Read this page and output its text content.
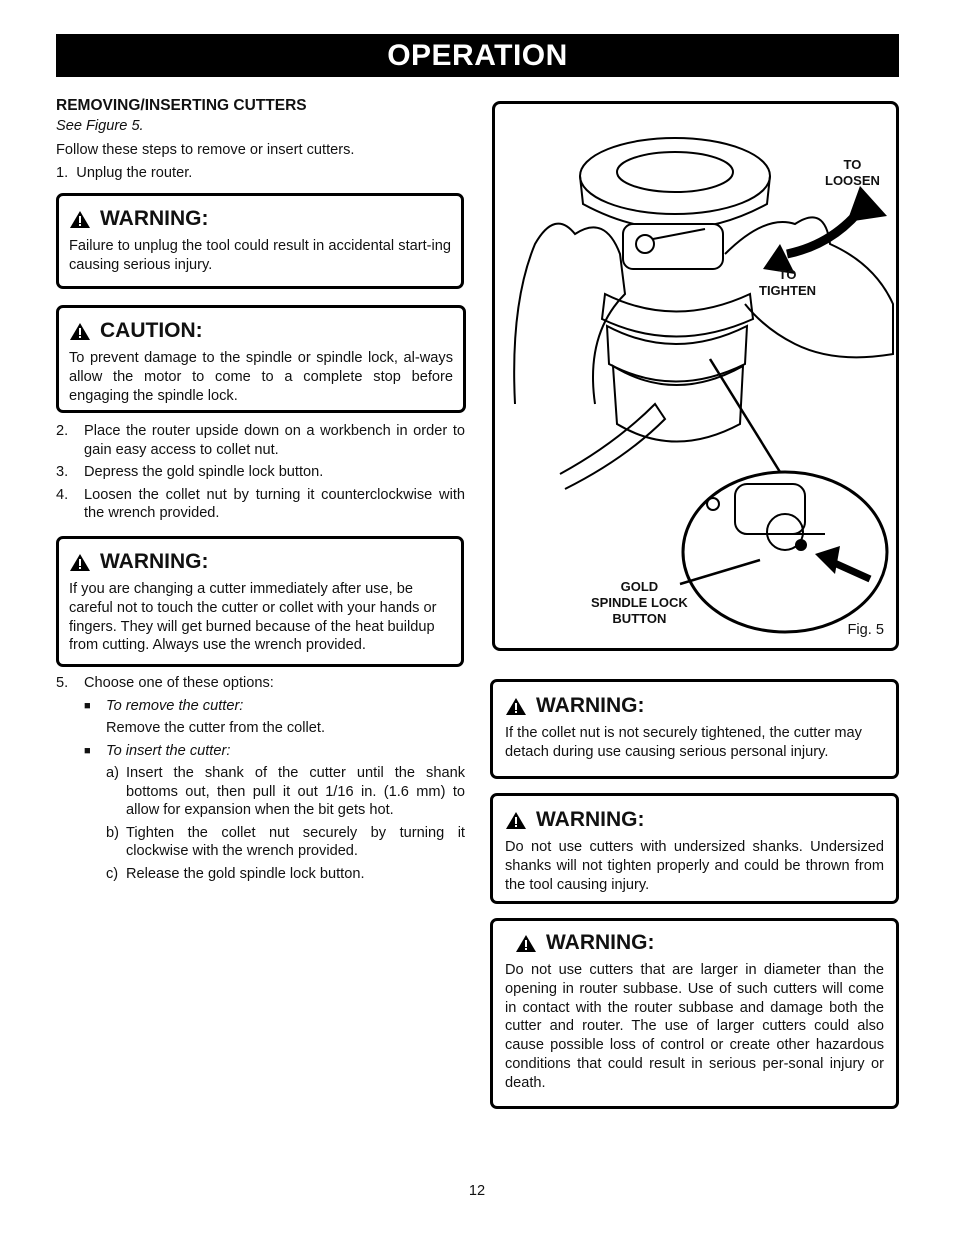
OPERATION

REMOVING/INSERTING CUTTERS

See Figure 5.

Follow these steps to remove or insert cutters.

1. Unplug the router.
WARNING:
Failure to unplug the tool could result in accidental start-ing causing serious injury.
CAUTION:
To prevent damage to the spindle or spindle lock, al-ways allow the motor to come to a complete stop before engaging the spindle lock.
2.	Place the router upside down on a workbench in order to gain easy access to collet nut.
3.	Depress the gold spindle lock button.
4.	Loosen the collet nut by turning it counterclockwise with the wrench provided.
WARNING:
If you are changing a cutter immediately after use, be careful not to touch the cutter or collet with your hands or fingers. They will get burned because of the heat buildup from cutting. Always use the wrench provided.
5.	Choose one of these options:
■	To remove the cutter:
Remove the cutter from the collet.
■	To insert the cutter:
a) Insert the shank of the cutter until the shank bottoms out, then pull it out 1/16 in. (1.6 mm) to allow for expansion when the bit gets hot.
b) Tighten the collet nut securely by turning it clockwise with the wrench provided.
c) Release the gold spindle lock button.
TO
LOOSEN
TO
TIGHTEN
GOLD
SPINDLE LOCK
BUTTON
Fig. 5
WARNING:
If the collet nut is not securely tightened, the cutter may detach during use causing serious personal injury.
WARNING:
Do not use cutters with undersized shanks. Undersized shanks will not tighten properly and could be thrown from the tool causing injury.
WARNING:
Do not use cutters that are larger in diameter than the opening in router subbase. Use of such cutters will come in contact with the router subbase and damage both the cutter and router. The use of larger cutters could also cause possible loss of control or create other hazardous conditions that could result in serious per-sonal injury or death.
12
